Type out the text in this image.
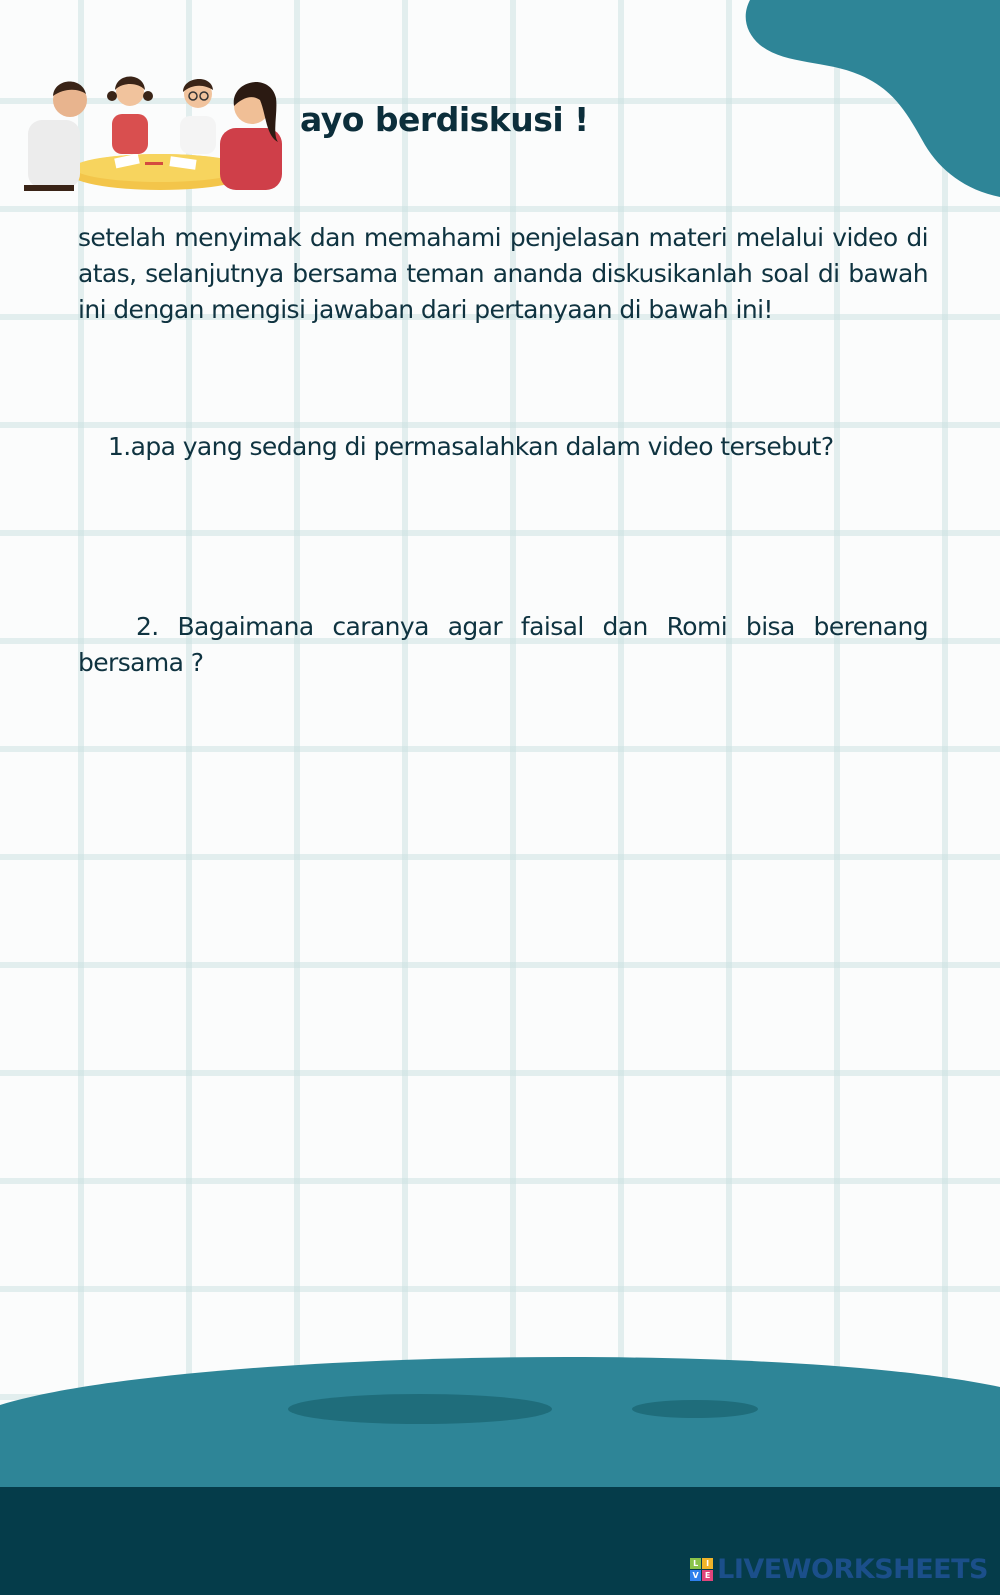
ayo berdiskusi !

setelah menyimak dan memahami penjelasan materi melalui video di atas, selanjutnya bersama teman ananda diskusikanlah soal di bawah ini dengan mengisi jawaban dari pertanyaan di bawah ini!

1.apa yang sedang di permasalahkan dalam video tersebut?

2. Bagaimana caranya agar faisal dan Romi bisa berenang bersama ?

L I
V E LIVEWORKSHEETS
